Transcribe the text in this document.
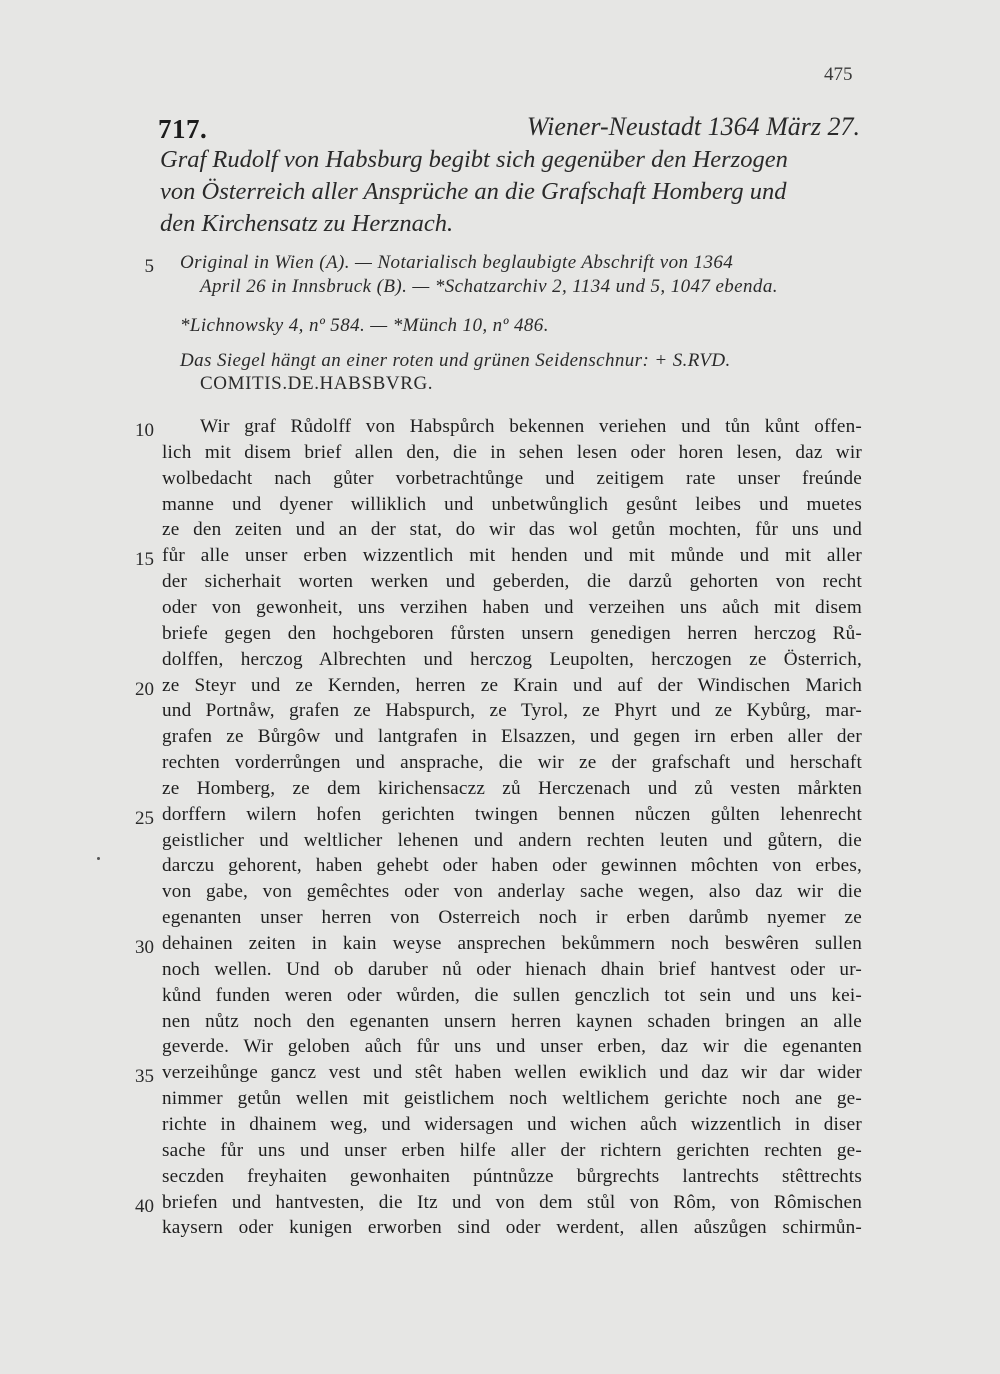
475
717.	Wiener-Neustadt 1364 März 27.
Graf Rudolf von Habsburg begibt sich gegenüber den Herzogen
von Österreich aller Ansprüche an die Grafschaft Homberg und
den Kirchensatz zu Herznach.
5 Original in Wien (A). — Notarialisch beglaubigte Abschrift von 1364
April 26 in Innsbruck (B). — *Schatzarchiv 2, 1134 und 5, 1047 ebenda.
*Lichnowsky 4, nº 584. — *Münch 10, nº 486.
Das Siegel hängt an einer roten und grünen Seidenschnur: + S.RVD.
COMITIS.DE.HABSBVRG.
Wir graf Růdolff von Habspůrch bekennen veriehen und tůn kůnt offen-
lich mit disem brief allen den, die in sehen lesen oder horen lesen, daz wir
wolbedacht nach gůter vorbetrachtůnge und zeitigem rate unser freúnde
manne und dyener williklich und unbetwůnglich gesůnt leibes und muetes
ze den zeiten und an der stat, do wir das wol getůn mochten, fůr uns und
fůr alle unser erben wizzentlich mit henden und mit můnde und mit aller
der sicherhait worten werken und geberden, die darzů gehorten von recht
oder von gewonheit, uns verzihen haben und verzeihen uns aůch mit disem
briefe gegen den hochgeboren fůrsten unsern genedigen herren herczog Rů-
dolffen, herczog Albrechten und herczog Leupolten, herczogen ze Österrich,
ze Steyr und ze Kernden, herren ze Krain und auf der Windischen Marich
und Portnåw, grafen ze Habspurch, ze Tyrol, ze Phyrt und ze Kybůrg, mar-
grafen ze Bůrgôw und lantgrafen in Elsazzen, und gegen irn erben aller der
rechten vorderrůngen und ansprache, die wir ze der grafschaft und herschaft
ze Homberg, ze dem kirichensaczz zů Herczenach und zů vesten mårkten
dorffern wilern hofen gerichten twingen bennen nůczen gůlten lehenrecht
geistlicher und weltlicher lehenen und andern rechten leuten und gůtern, die
darczu gehorent, haben gehebt oder haben oder gewinnen môchten von erbes,
von gabe, von gemêchtes oder von anderlay sache wegen, also daz wir die
egenanten unser herren von Osterreich noch ir erben darůmb nyemer ze
dehainen zeiten in kain weyse ansprechen bekůmmern noch beswêren sullen
noch wellen. Und ob daruber nů oder hienach dhain brief hantvest oder ur-
kůnd funden weren oder wůrden, die sullen genczlich tot sein und uns kei-
nen nůtz noch den egenanten unsern herren kaynen schaden bringen an alle
geverde. Wir geloben aůch fůr uns und unser erben, daz wir die egenanten
verzeihůnge gancz vest und stêt haben wellen ewiklich und daz wir dar wider
nimmer getůn wellen mit geistlichem noch weltlichem gerichte noch ane ge-
richte in dhainem weg, und widersagen und wichen aůch wizzentlich in diser
sache fůr uns und unser erben hilfe aller der richtern gerichten rechten ge-
seczden freyhaiten gewonhaiten púntnůzze bůrgrechts lantrechts stêttrechts
briefen und hantvesten, die Itz und von dem stůl von Rôm, von Rômischen
kaysern oder kunigen erworben sind oder werdent, allen aůszůgen schirmůn-
10
15
20
25
30
35
40
